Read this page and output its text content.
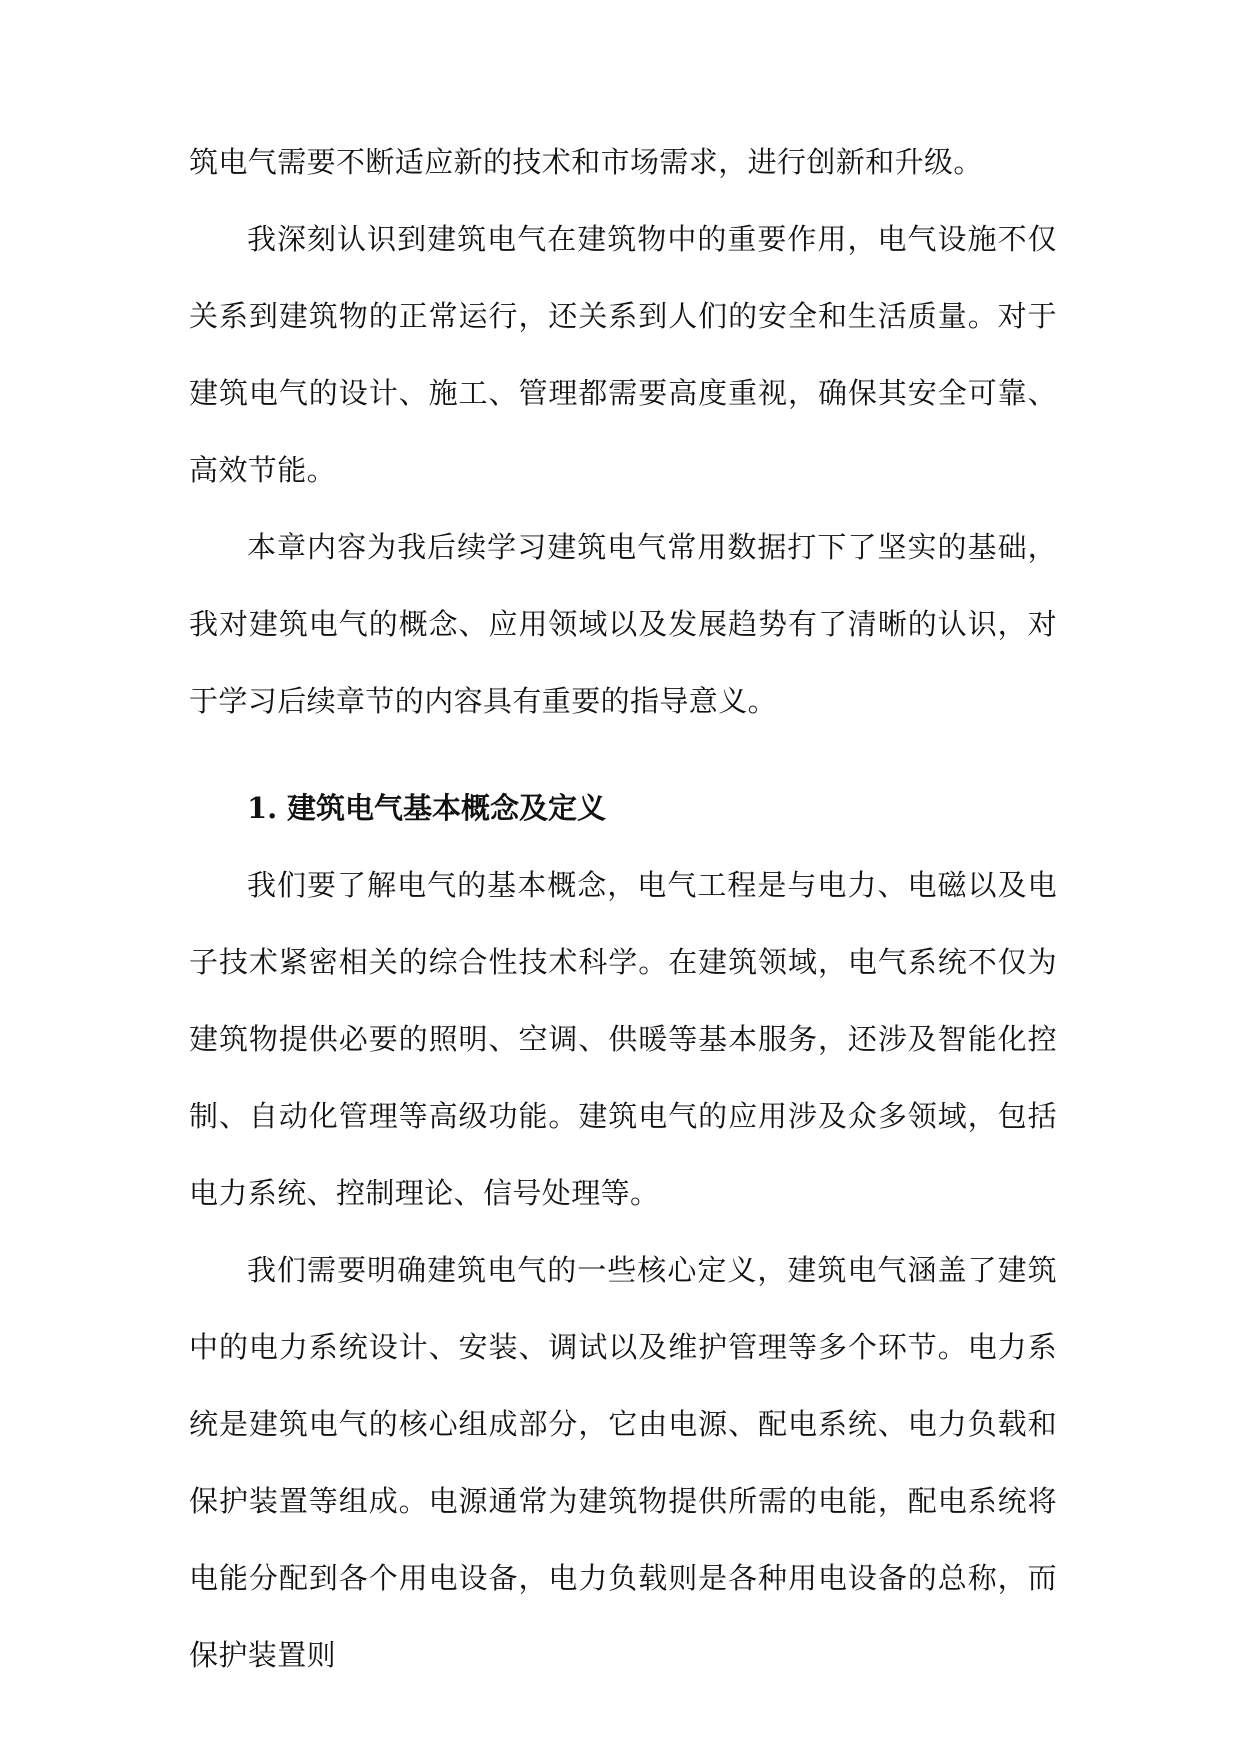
筑电气需要不断适应新的技术和市场需求，进行创新和升级。

我深刻认识到建筑电气在建筑物中的重要作用，电气设施不仅关系到建筑物的正常运行，还关系到人们的安全和生活质量。对于建筑电气的设计、施工、管理都需要高度重视，确保其安全可靠、高效节能。

本章内容为我后续学习建筑电气常用数据打下了坚实的基础，我对建筑电气的概念、应用领域以及发展趋势有了清晰的认识，对于学习后续章节的内容具有重要的指导意义。

1. 建筑电气基本概念及定义

我们要了解电气的基本概念，电气工程是与电力、电磁以及电子技术紧密相关的综合性技术科学。在建筑领域，电气系统不仅为建筑物提供必要的照明、空调、供暖等基本服务，还涉及智能化控制、自动化管理等高级功能。建筑电气的应用涉及众多领域，包括电力系统、控制理论、信号处理等。

我们需要明确建筑电气的一些核心定义，建筑电气涵盖了建筑中的电力系统设计、安装、调试以及维护管理等多个环节。电力系统是建筑电气的核心组成部分，它由电源、配电系统、电力负载和保护装置等组成。电源通常为建筑物提供所需的电能，配电系统将电能分配到各个用电设备，电力负载则是各种用电设备的总称，而保护装置则
